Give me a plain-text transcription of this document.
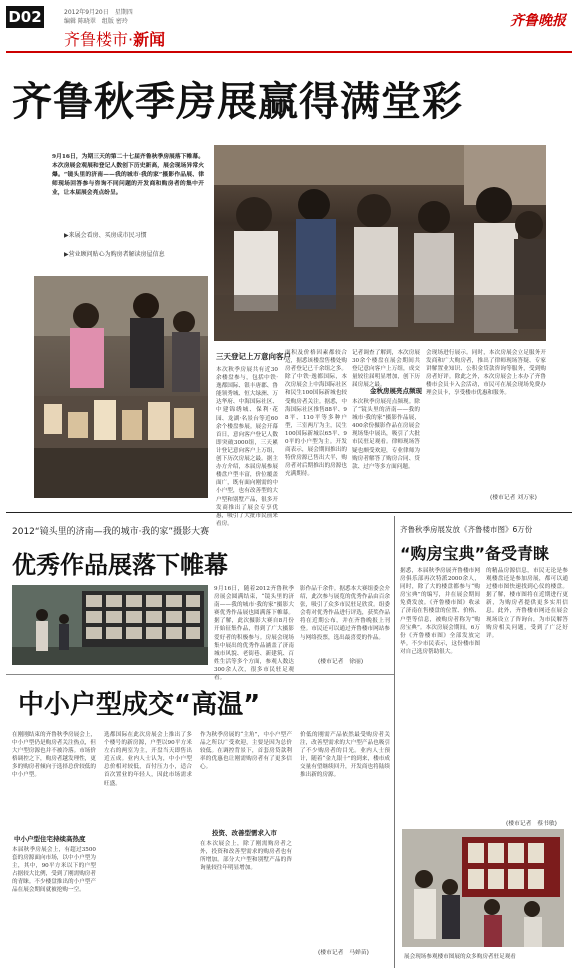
D02	2012年9月20日　星期四
编辑 陈晓翠　组版 密玲
齐鲁楼市·新闻
齐鲁晚报
齐鲁秋季房展赢得满堂彩
9月16日，为期三天的第二十七届齐鲁秋季房展落下帷幕。本次房展会观展和登记人数创下历史新高，展会现场异常火爆。“镜头里的济南——我的城市·我的家”摄影作品展、律师现场回答参与咨询不同问题的开发商和购房者的集中开业，让本届展会亮点纷呈。
▶来展会看房、买房成市民习惯
▶营业顾问贴心为购房者解读房屋信息
三天登记上万意向客户
本次秋季房展共有近30余楼盘参与，包括中铁·逸都国际、银丰唐郡、鲁能领秀城、恒大绿洲、万达华府、中海国际社区、中建锦绣城、保利·花园、龙湖·名景台等近60余个楼盘参展。展会开幕首日，意向客户登记人数即突破3000组，三天累计登记意向客户上万组，创下历次房展之最。据主办方介绍，本届房展参展楼盘户型丰富，价位覆盖面广，既有面向刚需的中小户型，也有改善型的大户型和别墅产品，很多开发商推出了展会专享优惠，吸引了大批市民前来看房。
面积及价格因素都较合适，据悉该楼盘售楼处购房者登记已千余组之多。除了中铁·逸都国际，本次房展会上中海国际社区和民生100国际新城也较受购房者关注。据悉，中海国际社区推售88平、98平、110平等多种户型，三室两厅为主，民生100国际新城以65平、90平的小户型为主。开发商表示，展会期间推出的特价房源已售出大半，购房者对后期推出的房源也充满期待。
记者调查了解到，本次房展30余个楼盘在展会期间共登记意向客户上万组，成交量较往届明显增加，创下历届房展之最。
金秋房展亮点频现
本次秋季房展亮点频现。除了“镜头里的济南——我的城市·我的家”摄影作品展，400余份摄影作品在房展会现场集中展出，吸引了大批市民驻足观看。律师现场答疑也颇受欢迎，专业律师为购房者解答了购房合同、贷款、过户等多方面问题。
会现场进行展示。同时，本次房展会立足服务开发商和广大购房者，推出了律师现场答疑、专家讲解置业知识、公积金贷款咨询等服务，受到购房者好评。除此之外，本次房展会上本办了齐鲁楼市会员卡入会活动，市民可在展会现场免费办理会员卡，享受楼市优惠和服务。
(楼市记者 刘万家)
2012“镜头里的济南—我的城市·我的家”摄影大赛
优秀作品展落下帷幕
9月16日，随着2012齐鲁秋季房展会圆满结束，“镜头里的济南——我的城市·我的家”摄影大赛优秀作品展也圆满落下帷幕。据了解，此次摄影大赛自8月份开始征集作品，得到了广大摄影爱好者的积极参与。房展会现场集中展出的优秀作品涵盖了济南城市风貌、老街巷、新建筑、百姓生活等多个方面，参观人数达300余人次，很多市民驻足观看。
影作品千余件。据悉本大赛组委会介绍，此次参与展览的优秀作品由百余张，吸引了众多市民驻足欣赏。组委会将对优秀作品进行评选，获奖作品将在近期公布，并在齐鲁晚报上刊登。市民还可以通过齐鲁楼市网站参与网络投票，选出最喜爱的作品。
(楼市记者　徐丽)
中小户型成交“高温”
在刚刚结束的齐鲁秋季房展会上，中小户型仍是购房者关注热点，但大户型房源也并不被冷落。市场价格调控之下，购房者越发理性，更多的购房者倾向于选择总价较低的中小户型。
中小户型住宅持续高热度
本届秋季房展会上，有超过3500套的房源面向市场，以中小户型为主，其中，90平方米以下的户型占据较大比例，受到了刚需购房者的青睐。不少楼盘推出的小户型产品在展会期间就被抢购一空。
选都国际在此次房展会上推出了多个楼号的新房源，户型以90平方米左右的两室为主，开盘当天即售出近五成。业内人士认为，中小户型总价相对较低，首付压力小，适合首次置业的年轻人，因此市场需求旺盛。
作为秋季房展的“主角”，中小户型产品之所以广受欢迎，主要是因为总价较低。在调控背景下，首套房贷款利率的优惠也让刚需购房者有了更多信心。
投资、改善型需求入市
在本次展会上，除了刚需购房者之外，投资和改善型需求的购房者也有所增加。部分大户型和别墅产品的咨询量较往年明显增加。
价低的刚需产品依然最受购房者关注，改善型需求的大户型产品也吸引了不少购房者的目光。业内人士预计，随着“金九银十”的到来，楼市成交量有望继续回升，开发商也将陆续推出新的房源。
(楼市记者　马婵苗)
齐鲁秋季房展发放《齐鲁楼市图》6万份
“购房宝典”备受青睐
据悉，本届秋季房展齐鲁楼市网房俱乐部再次特派2000余人，同时，除了大的楼盘都参与“购房宝典”的编写，并在展会期间免费发放。《齐鲁楼市图》收录了济南在售楼盘的位置、价格、户型等信息，被购房者称为“购房宝典”。本次房展会期间，6万份《齐鲁楼市图》全部发放完毕。不少市民表示，这份楼市图对自己选房帮助很大。
的精品房源信息，市民无论是参观楼盘还是参加房展，都可以通过楼市图快速找到心仪的楼盘。据了解，楼市图将在近期进行更新，为购房者提供更多实用信息。此外，齐鲁楼市网还在展会现场设立了咨询台，为市民解答购房相关问题，受到了广泛好评。
(楼市记者　蔡书敏)
展会现场参观楼市图展的众多购房者驻足观看
